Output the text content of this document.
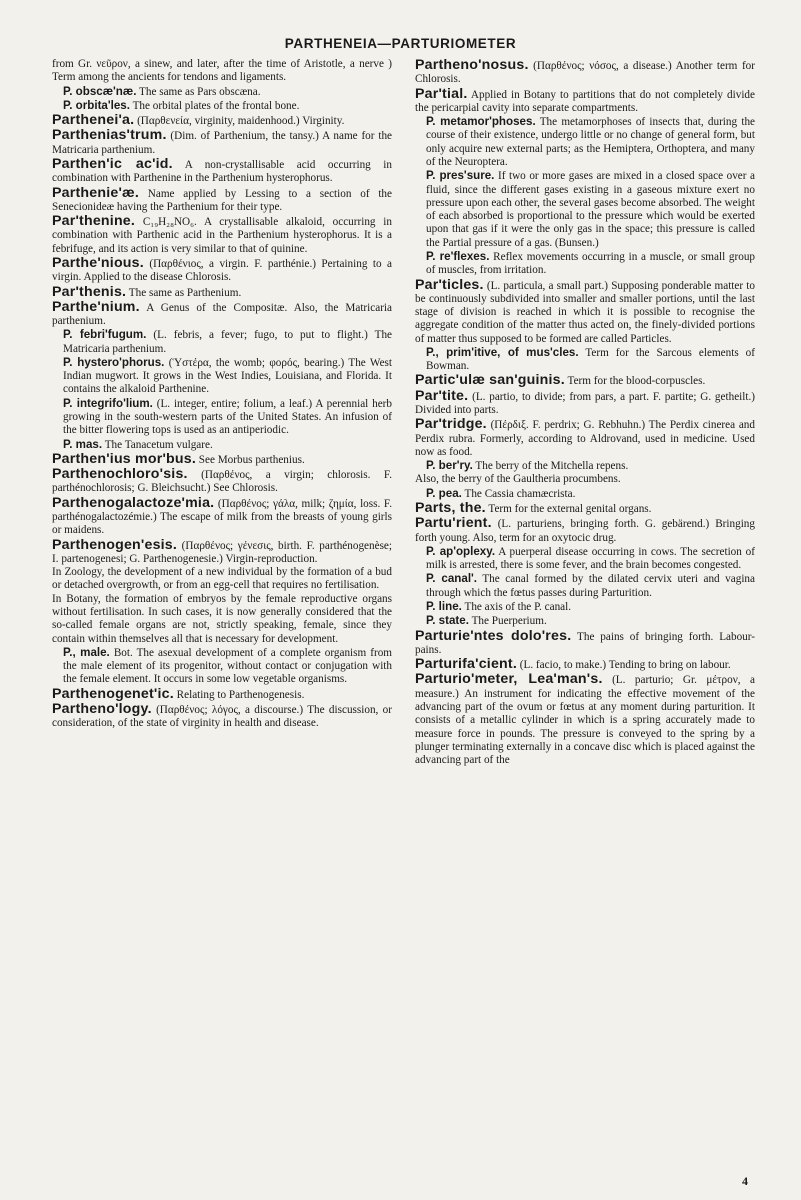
PARTHENEIA—PARTURIOMETER

from Gr. νεῦρον, a sinew, and later, after the time of Aristotle, a nerve ) Term among the ancients for tendons and ligaments.

P. obscæ'næ. The same as Pars obscæna.

P. orbita'les. The orbital plates of the frontal bone.

Parthenei'a. (Παρθενεία, virginity, maidenhood.) Virginity.

Parthenias'trum. (Dim. of Parthenium, the tansy.) A name for the Matricaria parthenium.

Parthen'ic ac'id. A non-crystallisable acid occurring in combination with Parthenine in the Parthenium hysterophorus.

Parthenie'æ. Name applied by Lessing to a section of the Senecionideæ having the Parthenium for their type.

Par'thenine. C₁₉H₂₈NO₆. A crystallisable alkaloid, occurring in combination with Parthenic acid in the Parthenium hysterophorus. It is a febrifuge, and its action is very similar to that of quinine.

Parthe'nious. (Παρθένιος, a virgin. F. parthénie.) Pertaining to a virgin. Applied to the disease Chlorosis.

Par'thenis. The same as Parthenium.

Parthe'nium. A Genus of the Compositæ. Also, the Matricaria parthenium.

P. febri'fugum. (L. febris, a fever; fugo, to put to flight.) The Matricaria parthenium.

P. hystero'phorus. (Ὑστέρα, the womb; φορός, bearing.) The West Indian mugwort. It grows in the West Indies, Louisiana, and Florida. It contains the alkaloid Parthenine.

P. integrifo'lium. (L. integer, entire; folium, a leaf.) A perennial herb growing in the south-western parts of the United States. An infusion of the bitter flowering tops is used as an antiperiodic.

P. mas. The Tanacetum vulgare.

Parthen'ius mor'bus. See Morbus parthenius.

Parthenochloro'sis. (Παρθένος, a virgin; chlorosis. F. parthénochlorosis; G. Bleichsucht.) See Chlorosis.

Parthenogalactoze'mia. (Παρθένος; γάλα, milk; ζημία, loss. F. parthénogalactozémie.) The escape of milk from the breasts of young girls or maidens.

Parthenogen'esis. (Παρθένος; γένεσις, birth. F. parthénogenèse; I. partenogenesi; G. Parthenogenesie.) Virgin-reproduction.

In Zoology, the development of a new individual by the formation of a bud or detached overgrowth, or from an egg-cell that requires no fertilisation.

In Botany, the formation of embryos by the female reproductive organs without fertilisation. In such cases, it is now generally considered that the so-called female organs are not, strictly speaking, female, since they contain within themselves all that is necessary for development.

P., male. Bot. The asexual development of a complete organism from the male element of its progenitor, without contact or conjugation with the female element. It occurs in some low vegetable organisms.

Parthenogenet'ic. Relating to Parthenogenesis.

Partheno'logy. (Παρθένος; λόγος, a discourse.) The discussion, or consideration, of the state of virginity in health and disease.

Partheno'nosus. (Παρθένος; νόσος, a disease.) Another term for Chlorosis.

Par'tial. Applied in Botany to partitions that do not completely divide the pericarpial cavity into separate compartments.

P. metamor'phoses. The metamorphoses of insects that, during the course of their existence, undergo little or no change of general form, but only acquire new external parts; as the Hemiptera, Orthoptera, and many of the Neuroptera.

P. pres'sure. If two or more gases are mixed in a closed space over a fluid, since the different gases existing in a gaseous mixture exert no pressure upon each other, the several gases become absorbed. The weight of each absorbed is proportional to the pressure which would be exerted upon that gas if it were the only gas in the space; this pressure is called the Partial pressure of a gas. (Bunsen.)

P. re'flexes. Reflex movements occurring in a muscle, or small group of muscles, from irritation.

Par'ticles. (L. particula, a small part.) Supposing ponderable matter to be continuously subdivided into smaller and smaller portions, until the last stage of division is reached in which it is possible to recognise the aggregate condition of the matter thus acted on, the finely-divided portions of matter thus supposed to be formed are called Particles.

P., prim'itive, of mus'cles. Term for the Sarcous elements of Bowman.

Partic'ulæ san'guinis. Term for the blood-corpuscles.

Par'tite. (L. partio, to divide; from pars, a part. F. partite; G. getheilt.) Divided into parts.

Par'tridge. (Πέρδιξ. F. perdrix; G. Rebhuhn.) The Perdix cinerea and Perdix rubra. Formerly, according to Aldrovand, used in medicine. Used now as food.

P. ber'ry. The berry of the Mitchella repens.

Also, the berry of the Gaultheria procumbens.

P. pea. The Cassia chamæcrista.

Parts, the. Term for the external genital organs.

Partu'rient. (L. parturiens, bringing forth. G. gebärend.) Bringing forth young. Also, term for an oxytocic drug.

P. ap'oplexy. A puerperal disease occurring in cows. The secretion of milk is arrested, there is some fever, and the brain becomes congested.

P. canal'. The canal formed by the dilated cervix uteri and vagina through which the fœtus passes during Parturition.

P. line. The axis of the P. canal.

P. state. The Puerperium.

Parturie'ntes dolo'res. The pains of bringing forth. Labour-pains.

Parturifa'cient. (L. facio, to make.) Tending to bring on labour.

Parturio'meter, Lea'man's. (L. parturio; Gr. μέτρον, a measure.) An instrument for indicating the effective movement of the advancing part of the ovum or fœtus at any moment during parturition. It consists of a metallic cylinder in which is a spring accurately made to measure force in pounds. The pressure is conveyed to the spring by a plunger terminating externally in a concave disc which is placed against the advancing part of the

4
